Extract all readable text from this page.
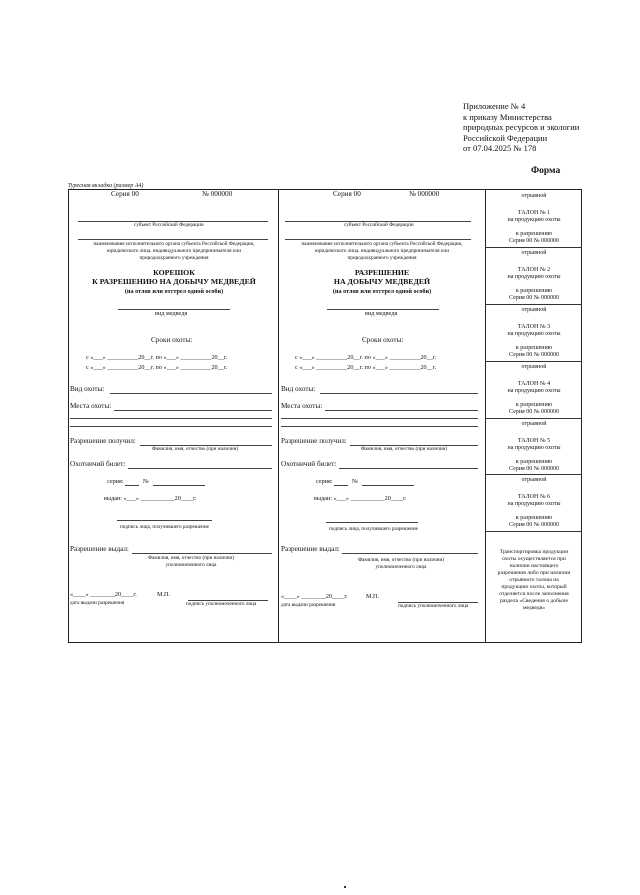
Приложение № 4
к приказу Министерства
природных ресурсов и экологии
Российской Федерации
от 07.04.2025 № 178
Форма
Typeсная вкладка (размер А4)
Серия 00	№ 000000
субъект Российской Федерации
наименование исполнительного органа субъекта Российской Федерации,
юридического лица, индивидуального предпринимателя или
природоохранного учреждения
КОРЕШОК
К РАЗРЕШЕНИЮ НА ДОБЫЧУ МЕДВЕДЕЙ
(на отлов или отстрел одной особи)
вид медведя
Сроки охоты:
с «___» __________20__г. по «___» __________20__г.
с «___» __________20__г. по «___» __________20__г.
Вид охоты:
Места охоты:
Разрешение получил:
Фамилия, имя, отчество (при наличии)
Охотничий билет:
серия:	№
выдан: «___» ___________20____г.
подпись лица, получившего разрешение
Разрешение выдал:
Фамилия, имя, отчество (при наличии)
уполномоченного лица
«____» ________20____г.
дата выдачи разрешения
М.П.
подпись уполномоченного лица
Серия 00	№ 000000
субъект Российской Федерации
наименование исполнительного органа субъекта Российской Федерации,
юридического лица, индивидуального предпринимателя или
природоохранного учреждения
РАЗРЕШЕНИЕ
НА ДОБЫЧУ МЕДВЕДЕЙ
(на отлов или отстрел одной особи)
вид медведя
Сроки охоты:
с «___» __________20__г. по «___» __________20__г.
с «___» __________20__г. по «___» __________20__г.
Вид охоты:
Места охоты:
Разрешение получил:
Фамилия, имя, отчество (при наличии)
Охотничий билет:
серия:	№
выдан: «___» ___________20____г.
подпись лица, получившего разрешение
Разрешение выдал:
Фамилия, имя, отчество (при наличии)
уполномоченного лица
«____» ________20____г.
дата выдачи разрешения
М.П.
подпись уполномоченного лица
отрывной
ТАЛОН № 1
на продукцию охоты
к разрешению
Серия 00 № 000000
отрывной
ТАЛОН № 2
на продукцию охоты
к разрешению
Серия 00 № 000000
отрывной
ТАЛОН № 3
на продукцию охоты
к разрешению
Серия 00 № 000000
отрывной
ТАЛОН № 4
на продукцию охоты
к разрешению
Серия 00 № 000000
отрывной
ТАЛОН № 5
на продукцию охоты
к разрешению
Серия 00 № 000000
отрывной
ТАЛОН № 6
на продукцию охоты
к разрешению
Серия 00 № 000000
Транспортировка продукции
охоты осуществляется при
наличии настоящего
разрешения либо при наличии
отрывного талона на
продукцию охоты, который
отделяется после заполнения
раздела «Сведения о добыче
медведя»
